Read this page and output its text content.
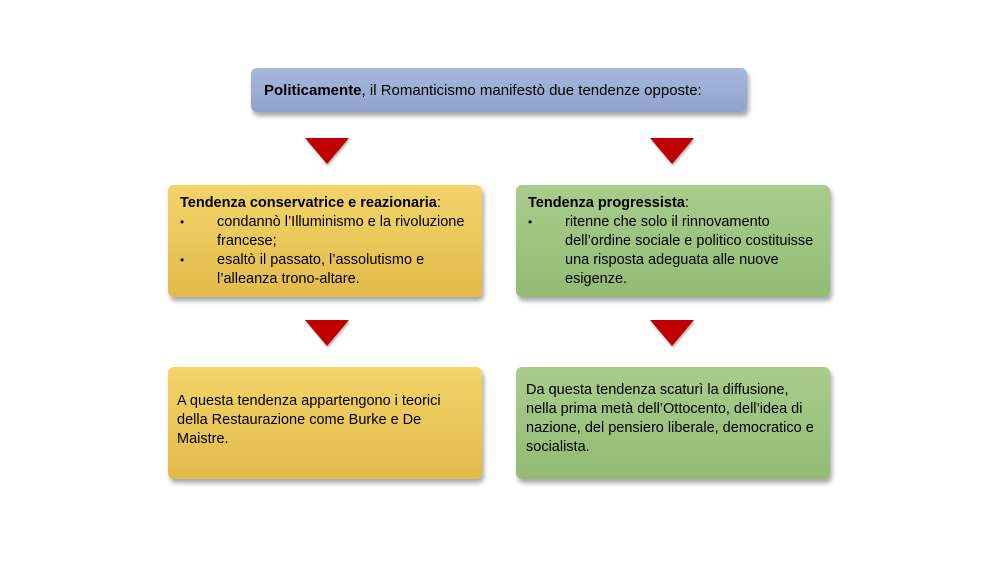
Politicamente, il Romanticismo manifestò due tendenze opposte:
Tendenza conservatrice e reazionaria:
• condannò l’Illuminismo e la rivoluzione francese;
• esaltò il passato, l’assolutismo e l’alleanza trono-altare.
Tendenza progressista:
• ritenne che solo il rinnovamento dell’ordine sociale e politico costituisse una risposta adeguata alle nuove esigenze.
A questa tendenza appartengono i teorici della Restaurazione come Burke e De Maistre.
Da questa tendenza scaturì la diffusione, nella prima metà dell’Ottocento, dell’idea di nazione, del pensiero liberale, democratico e socialista.
